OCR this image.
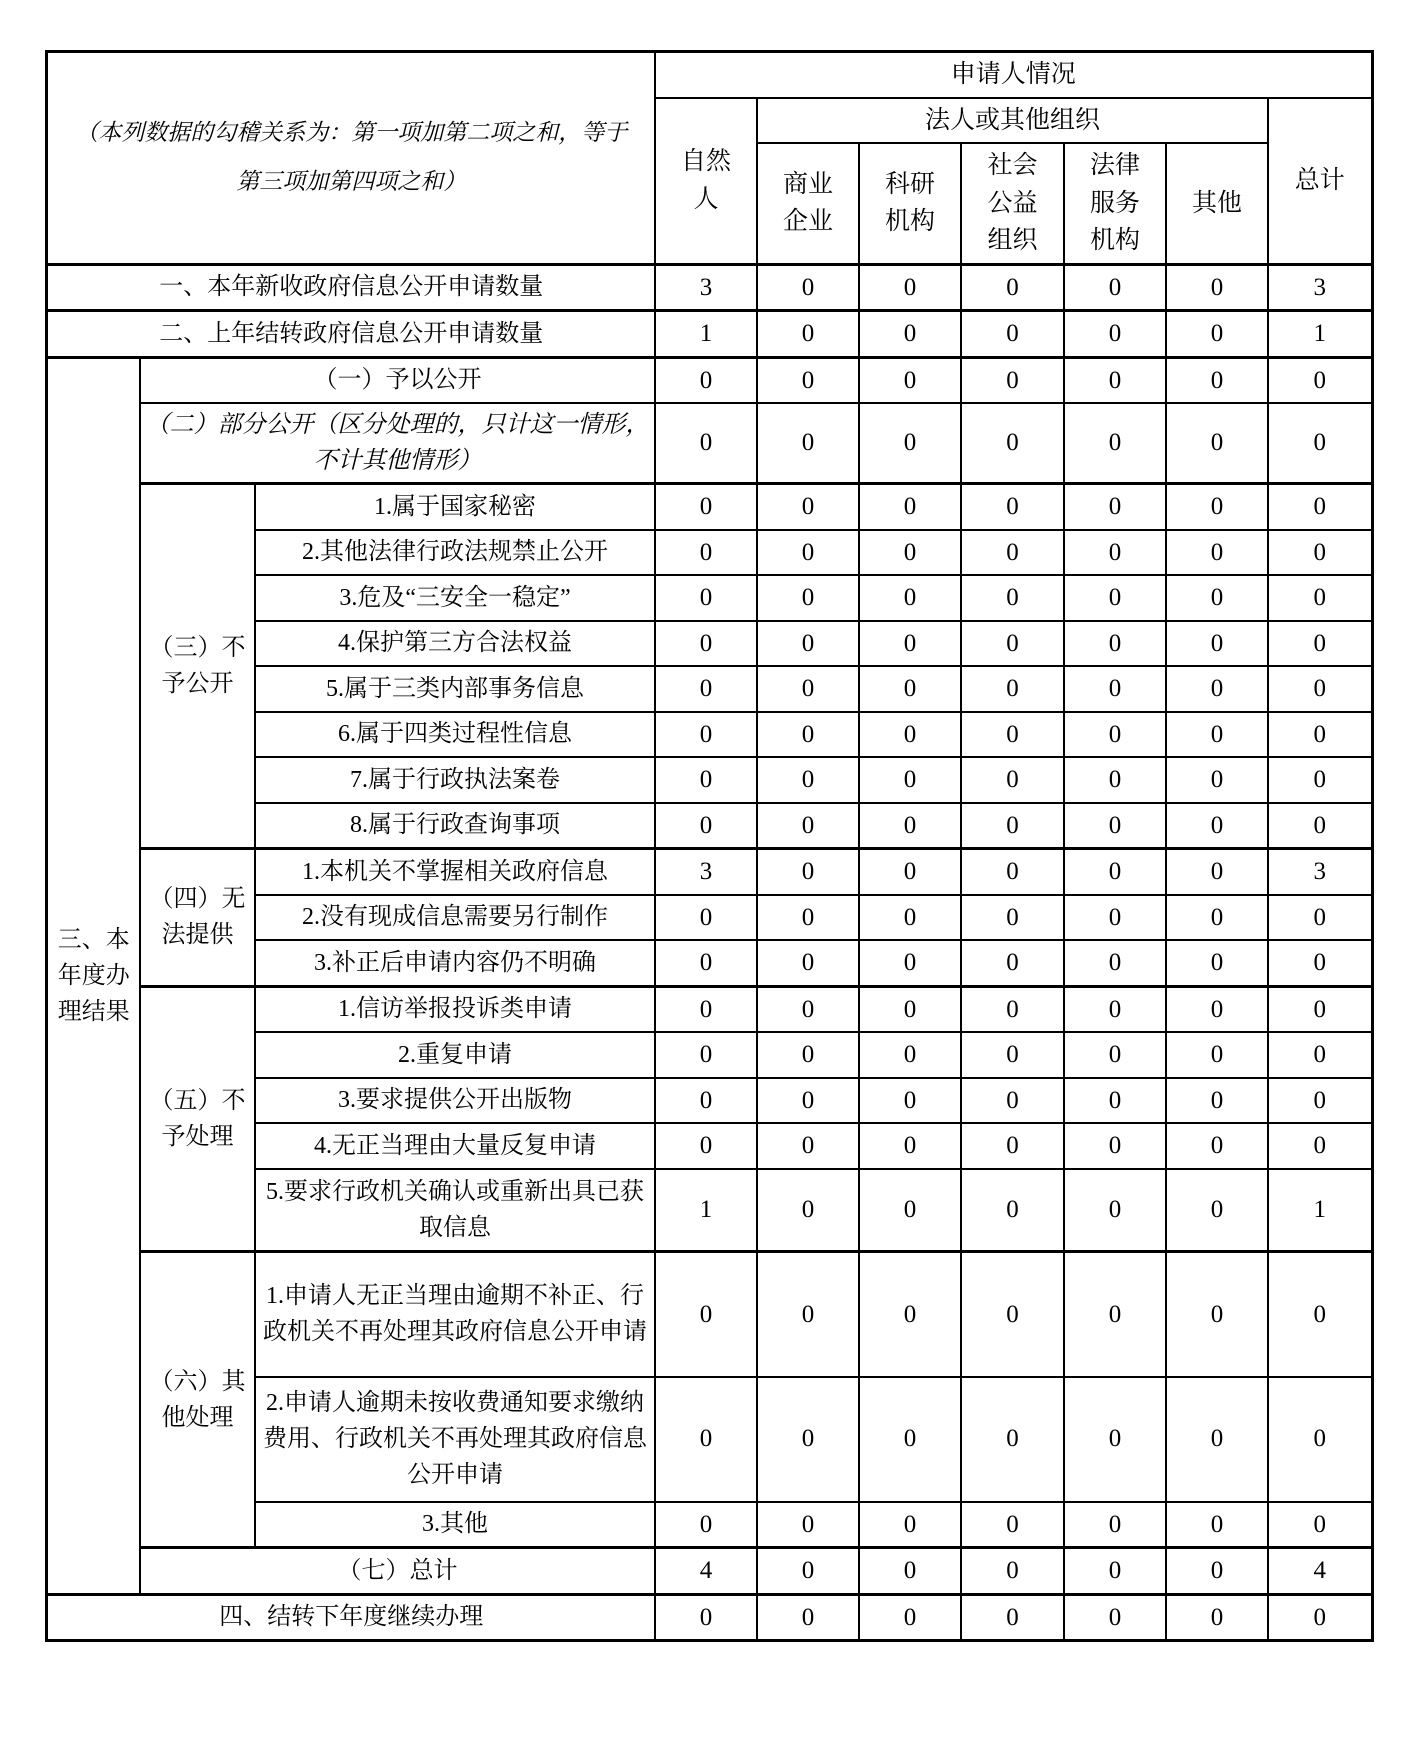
（本列数据的勾稽关系为：第一项加第二项之和，等于第三项加第四项之和）			申请人情况						
			自然人	法人或其他组织					总计
				商业企业	科研机构	社会公益组织	法律服务机构	其他	
一、本年新收政府信息公开申请数量			3	0	0	0	0	0	3
二、上年结转政府信息公开申请数量			1	0	0	0	0	0	1
三、本年度办理结果	（一）予以公开		0	0	0	0	0	0	0
	（二）部分公开（区分处理的，只计这一情形，不计其他情形）		0	0	0	0	0	0	0
	（三）不予公开	1.属于国家秘密	0	0	0	0	0	0	0
		2.其他法律行政法规禁止公开	0	0	0	0	0	0	0
		3.危及“三安全一稳定”	0	0	0	0	0	0	0
		4.保护第三方合法权益	0	0	0	0	0	0	0
		5.属于三类内部事务信息	0	0	0	0	0	0	0
		6.属于四类过程性信息	0	0	0	0	0	0	0
		7.属于行政执法案卷	0	0	0	0	0	0	0
		8.属于行政查询事项	0	0	0	0	0	0	0
	（四）无法提供	1.本机关不掌握相关政府信息	3	0	0	0	0	0	3
		2.没有现成信息需要另行制作	0	0	0	0	0	0	0
		3.补正后申请内容仍不明确	0	0	0	0	0	0	0
	（五）不予处理	1.信访举报投诉类申请	0	0	0	0	0	0	0
		2.重复申请	0	0	0	0	0	0	0
		3.要求提供公开出版物	0	0	0	0	0	0	0
		4.无正当理由大量反复申请	0	0	0	0	0	0	0
		5.要求行政机关确认或重新出具已获取信息	1	0	0	0	0	0	1
	（六）其他处理	1.申请人无正当理由逾期不补正、行政机关不再处理其政府信息公开申请	0	0	0	0	0	0	0
		2.申请人逾期未按收费通知要求缴纳费用、行政机关不再处理其政府信息公开申请	0	0	0	0	0	0	0
		3.其他	0	0	0	0	0	0	0
	（七）总计		4	0	0	0	0	0	4
四、结转下年度继续办理			0	0	0	0	0	0	0
